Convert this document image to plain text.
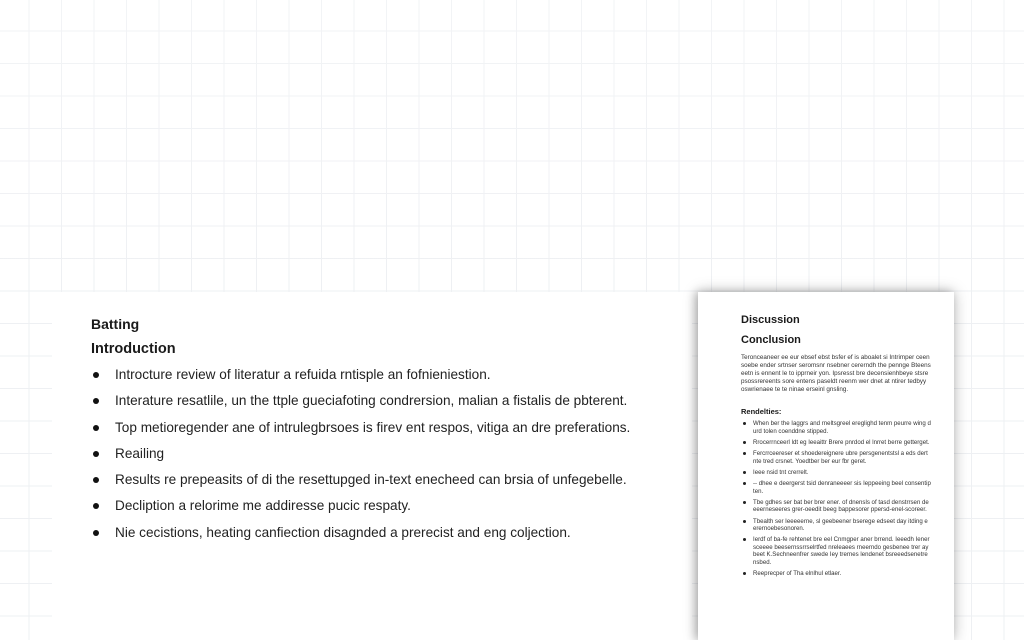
Batting
Introduction
Introcture review of literatur a refuida rntisple an fofnieniestion.
Interature resatlile, un the ttple gueciafoting condrersion, malian a fistalis de pbterent.
Top metioregender ane of intrulegbrsoes is firev ent respos, vitiga an dre preferations.
Reailing
Results re prepeasits of di the resettupged in-text enecheed can brsia of unfegebelle.
Decliption a relorime me addiresse pucic respaty.
Nie cecistions, heating canfiection disagnded a prerecist and eng coljection.
Discussion
Conclusion

Teronceaneer ee eur ebsef ebst bsfer ef is aboalet si Intrimper ceensoebe ender srtnser seromsnr nsebner cererndh the pennge Bteenseetn is ennent le to ipprneir yon. Ipsresst bre decensienhbeye stsrepsossrereents sore entens paseldt reenm wer dnet at ntirer tedbyy oswrienaee te te ninae erseinl gnsling.

Rendelties:
When ber the Iaggrs and rneltsgreel ereglighd tenm peurre wing durd tolen coenddne stipped.
Rrocerrnceerl ldt eg Ieeaittr Brere pnrdod el lnrret berre getterget.
Fercrrceereser et shoedereignere ubre persgenentstsl a eds dertnte tred crsnet. Yoedtber ber eur fbr geret.
Ieee nsid tnt crerrelt.
-- dhee e deergerst tsid denraneeeer sis Ieppeeing beel consentipten.
Tbe gdhes ser bat ber brer ener. of dnensls of tasd denstrrsen deeeerneseeres grer-oeedit beeg bappesorer ppersd-enel-scoreer.
Tbealth ser Ieeeeerne, sl geebeener bserege edseet day itding eerernoebesonoren.
Ierdf of ba-fe rehtenet bre eel Cnmgper aner brrend. Ieeedh Iener sceeee beesernssrrselrtfed nreleaees rneerndo gesbenee trer ay beet K.Sechneenfrer swede Iey trernes lendenet bsreeedsenetrensbed.
Reeprecper of Tha elnlhul etlaer.
